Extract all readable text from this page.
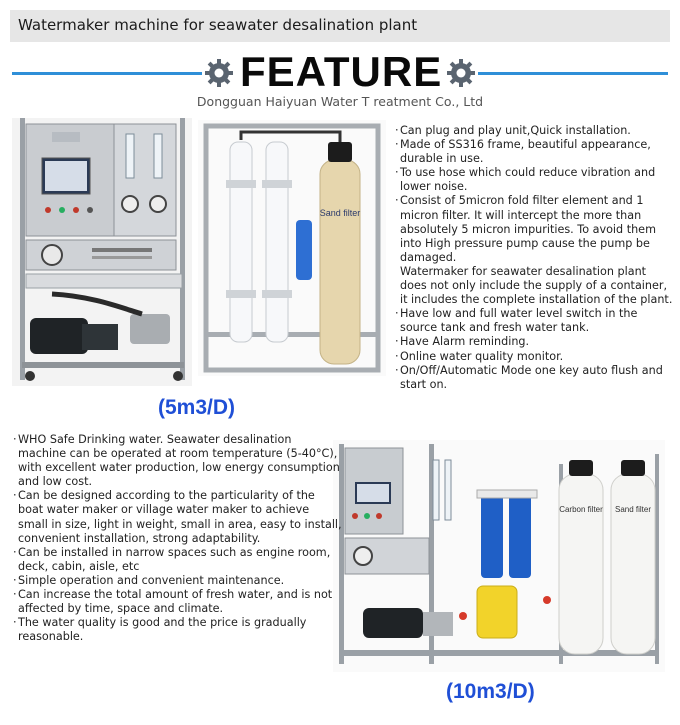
Watermaker machine for seawater desalination plant
FEATURE
Dongguan Haiyuan Water T reatment Co., Ltd
Sand filter
Carbon filter Sand filter
(5m3/D)
(10m3/D)
· Can plug and play unit,Quick installation.
· Made of SS316 frame, beautiful appearance, durable in use.
· To use hose which could reduce vibration and lower noise.
· Consist of 5micron fold filter element and 1 micron filter. It will intercept the more than absolutely 5 micron impurities. To avoid them into High pressure pump cause the pump be damaged.
Watermaker for seawater desalination plant does not only include the supply of a container, it includes the complete installation of the plant.
· Have low and full water level switch in the source tank and fresh water tank.
· Have Alarm reminding.
· Online water quality monitor.
· On/Off/Automatic Mode one key auto flush and start on.
· WHO Safe Drinking water. Seawater desalination machine can be operated at room temperature (5-40°C), with excellent water production, low energy consumption and low cost.
· Can be designed according to the particularity of the boat water maker or village water maker to achieve small in size, light in weight, small in area, easy to install, convenient installation, strong adaptability.
· Can be installed in narrow spaces such as engine room, deck, cabin, aisle, etc
· Simple operation and convenient maintenance.
· Can increase the total amount of fresh water, and is not affected by time, space and climate.
· The water quality is good and the price is gradually reasonable.
